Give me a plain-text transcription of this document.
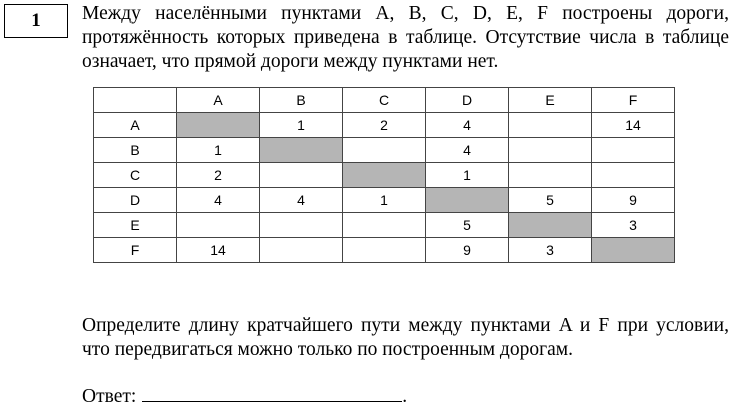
1 Между населёнными пунктами A, B, C, D, E, F построены дороги, протяжённость которых приведена в таблице. Отсутствие числа в таблице означает, что прямой дороги между пунктами нет.
	A	B	C	D	E	F
A		1	2	4		14
B	1			4		
C	2			1		
D	4	4	1		5	9
E				5		3
F	14			9	3	
Определите длину кратчайшего пути между пунктами A и F при условии, что передвигаться можно только по построенным дорогам.
Ответ:	.
